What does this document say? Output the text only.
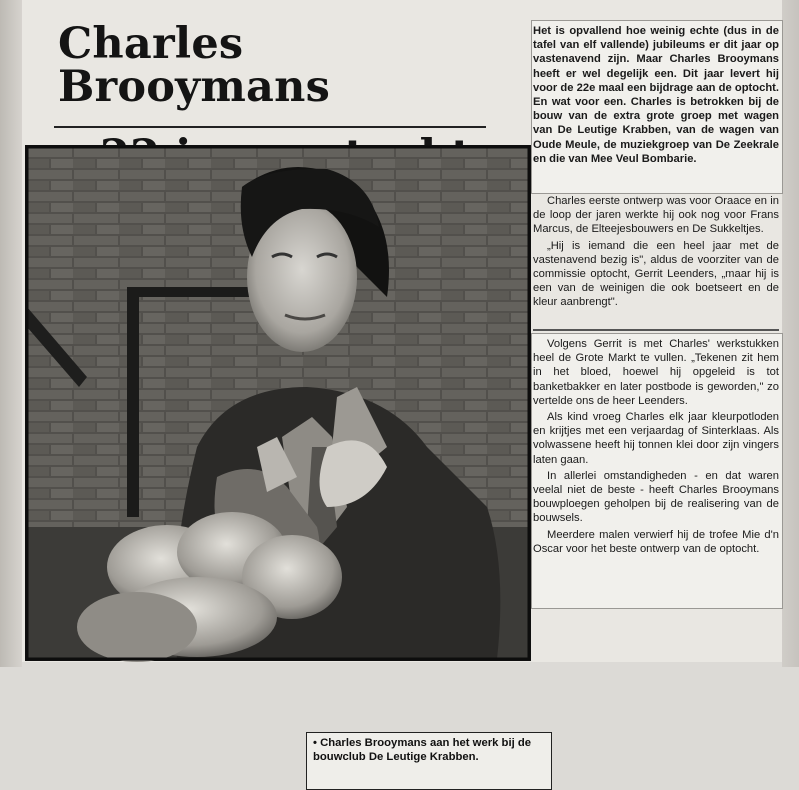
Charles Brooymans
• Charles Brooymans aan het werk bij de bouwclub De Leutige Krabben.

Het is opvallend hoe weinig echte (dus in de tafel van elf vallende) jubileums er dit jaar op vastenavend zijn. Maar Charles Brooymans heeft er wel degelijk een. Dit jaar levert hij voor de 22e maal een bijdrage aan de optocht. En wat voor een. Charles is betrokken bij de bouw van de extra grote groep met wagen van De Leutige Krabben, van de wagen van Oude Meule, de muziekgroep van De Zeekrale en die van Mee Veul Bombarie.

Charles eerste ontwerp was voor Oraace en in de loop der jaren werkte hij ook nog voor Frans Marcus, de Elteejesbouwers en De Sukkeltjes.

„Hij is iemand die een heel jaar met de vastenavend bezig is", aldus de voorziter van de commissie optocht, Gerrit Leenders, „maar hij is een van de weinigen die ook boetseert en de kleur aanbrengt".

Volgens Gerrit is met Charles' werkstukken heel de Grote Markt te vullen. „Tekenen zit hem in het bloed, hoewel hij opgeleid is tot banketbakker en later postbode is geworden," zo vertelde ons de heer Leenders.

Als kind vroeg Charles elk jaar kleurpotloden en krijtjes met een verjaardag of Sinterklaas. Als volwassene heeft hij tonnen klei door zijn vingers laten gaan.

In allerlei omstandigheden - en dat waren veelal niet de beste - heeft Charles Brooymans bouwploegen geholpen bij de realisering van de bouwsels.

Meerdere malen verwierf hij de trofee Mie d'n Oscar voor het beste ontwerp van de optocht.
